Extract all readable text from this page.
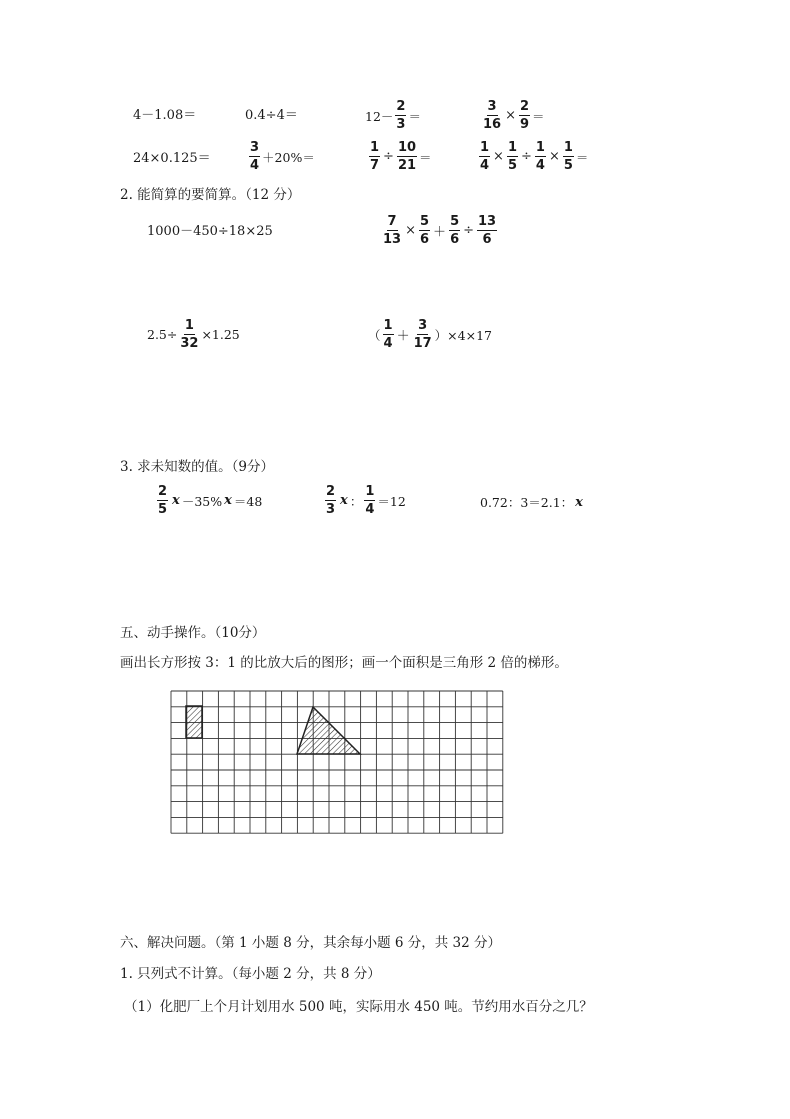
4－1.08＝	0.4÷4＝	$12- \frac{2}{3}$ ＝	$\frac{3}{16} \times \frac{2}{9}$ ＝
24×0.125＝	$\frac{3}{4} +20\%=$	$\frac{1}{7} \div \frac{10}{21}$ ＝	$\frac{1}{4} \times \frac{1}{5} \div \frac{1}{4} \times \frac{1}{5}$ ＝
2. 能简算的要简算。（12 分）
1000－450÷18×25	$\frac{7}{13} \times \frac{5}{6} + \frac{5}{6} \div \frac{13}{6}$
$2.5\div \frac{1}{32} \times 1.25$	（ $\frac{1}{4} + \frac{3}{17} )\times 4\times 17$
3. 求未知数的值。（9分）
$\frac{2}{5}$ x －35% x ＝48	$\frac{2}{3}$ x ： $\frac{1}{4} =12$	0.72：3＝2.1： x
五、动手操作。（10分）
画出长方形按 3：1 的比放大后的图形；画一个面积是三角形 2 倍的梯形。
六、解决问题。（第 1 小题 8 分，其余每小题 6 分，共 32 分）
1. 只列式不计算。（每小题 2 分，共 8 分）
（1）化肥厂上个月计划用水 500 吨，实际用水 450 吨。节约用水百分之几？
